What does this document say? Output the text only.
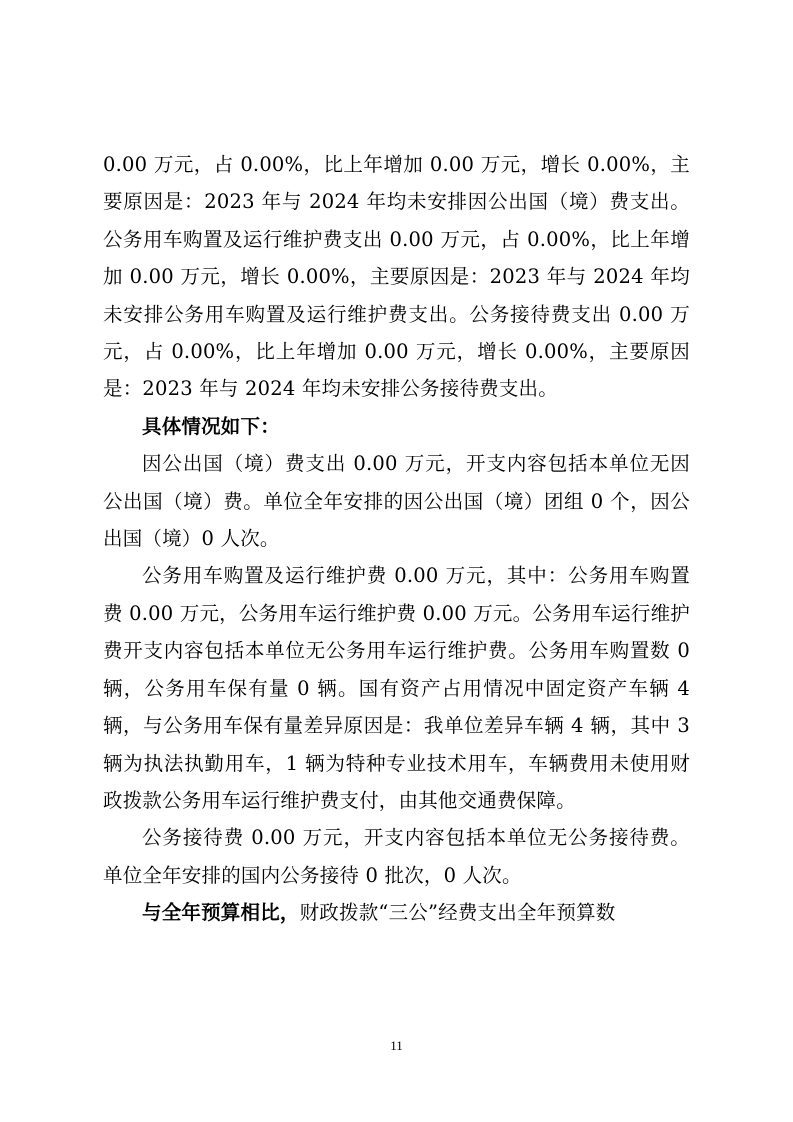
0.00 万元，占 0.00%，比上年增加 0.00 万元，增长 0.00%，主要原因是：2023 年与 2024 年均未安排因公出国（境）费支出。公务用车购置及运行维护费支出 0.00 万元，占 0.00%，比上年增加 0.00 万元，增长 0.00%，主要原因是：2023 年与 2024 年均未安排公务用车购置及运行维护费支出。公务接待费支出 0.00 万元，占 0.00%，比上年增加 0.00 万元，增长 0.00%，主要原因是：2023 年与 2024 年均未安排公务接待费支出。

具体情况如下：

因公出国（境）费支出 0.00 万元，开支内容包括本单位无因公出国（境）费。单位全年安排的因公出国（境）团组 0 个，因公出国（境）0 人次。

公务用车购置及运行维护费 0.00 万元，其中：公务用车购置费 0.00 万元，公务用车运行维护费 0.00 万元。公务用车运行维护费开支内容包括本单位无公务用车运行维护费。公务用车购置数 0 辆，公务用车保有量 0 辆。国有资产占用情况中固定资产车辆 4 辆，与公务用车保有量差异原因是：我单位差异车辆 4 辆，其中 3 辆为执法执勤用车，1 辆为特种专业技术用车，车辆费用未使用财政拨款公务用车运行维护费支付，由其他交通费保障。

公务接待费 0.00 万元，开支内容包括本单位无公务接待费。单位全年安排的国内公务接待 0 批次，0 人次。

与全年预算相比，财政拨款“三公”经费支出全年预算数

11
